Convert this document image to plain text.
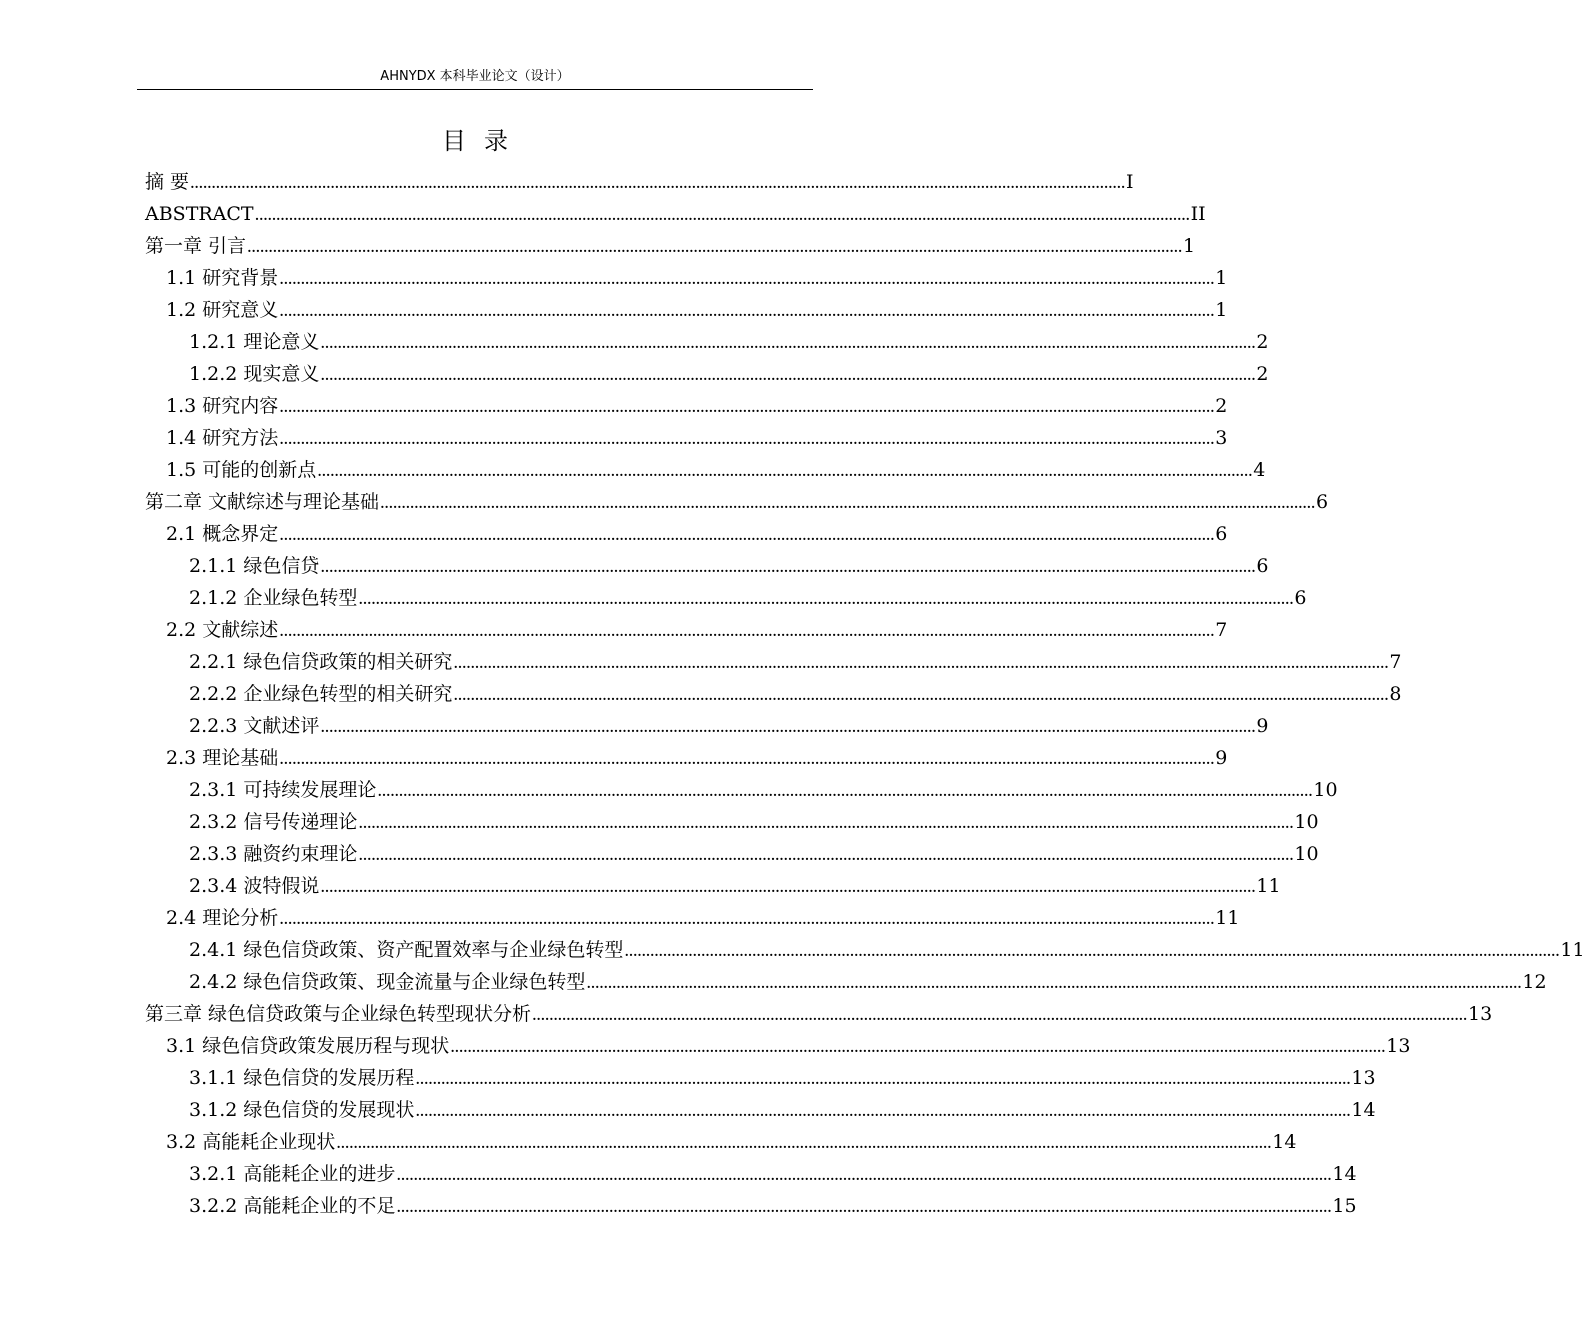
AHNYDX 本科毕业论文（设计）
目录
摘 要 ............................................................................................................................................................................................................................ I
ABSTRACT ............................................................................................................................................................................................................................ II
第一章 引言 ............................................................................................................................................................................................................................ 1
1.1 研究背景 ............................................................................................................................................................................................................................ 1
1.2 研究意义 ............................................................................................................................................................................................................................ 1
1.2.1 理论意义 ............................................................................................................................................................................................................................ 2
1.2.2 现实意义 ............................................................................................................................................................................................................................ 2
1.3 研究内容 ............................................................................................................................................................................................................................ 2
1.4 研究方法 ............................................................................................................................................................................................................................ 3
1.5 可能的创新点 ............................................................................................................................................................................................................................ 4
第二章 文献综述与理论基础 ............................................................................................................................................................................................................................ 6
2.1 概念界定 ............................................................................................................................................................................................................................ 6
2.1.1 绿色信贷 ............................................................................................................................................................................................................................ 6
2.1.2 企业绿色转型 ............................................................................................................................................................................................................................ 6
2.2 文献综述 ............................................................................................................................................................................................................................ 7
2.2.1 绿色信贷政策的相关研究 ............................................................................................................................................................................................................................ 7
2.2.2 企业绿色转型的相关研究 ............................................................................................................................................................................................................................ 8
2.2.3 文献述评 ............................................................................................................................................................................................................................ 9
2.3 理论基础 ............................................................................................................................................................................................................................ 9
2.3.1 可持续发展理论 ............................................................................................................................................................................................................................ 10
2.3.2 信号传递理论 ............................................................................................................................................................................................................................ 10
2.3.3 融资约束理论 ............................................................................................................................................................................................................................ 10
2.3.4 波特假说 ............................................................................................................................................................................................................................ 11
2.4 理论分析 ............................................................................................................................................................................................................................ 11
2.4.1 绿色信贷政策、资产配置效率与企业绿色转型 ............................................................................................................................................................................................................................ 11
2.4.2 绿色信贷政策、现金流量与企业绿色转型 ............................................................................................................................................................................................................................ 12
第三章 绿色信贷政策与企业绿色转型现状分析 ............................................................................................................................................................................................................................ 13
3.1 绿色信贷政策发展历程与现状 ............................................................................................................................................................................................................................ 13
3.1.1 绿色信贷的发展历程 ............................................................................................................................................................................................................................ 13
3.1.2 绿色信贷的发展现状 ............................................................................................................................................................................................................................ 14
3.2 高能耗企业现状 ............................................................................................................................................................................................................................ 14
3.2.1 高能耗企业的进步 ............................................................................................................................................................................................................................ 14
3.2.2 高能耗企业的不足 ............................................................................................................................................................................................................................ 15
